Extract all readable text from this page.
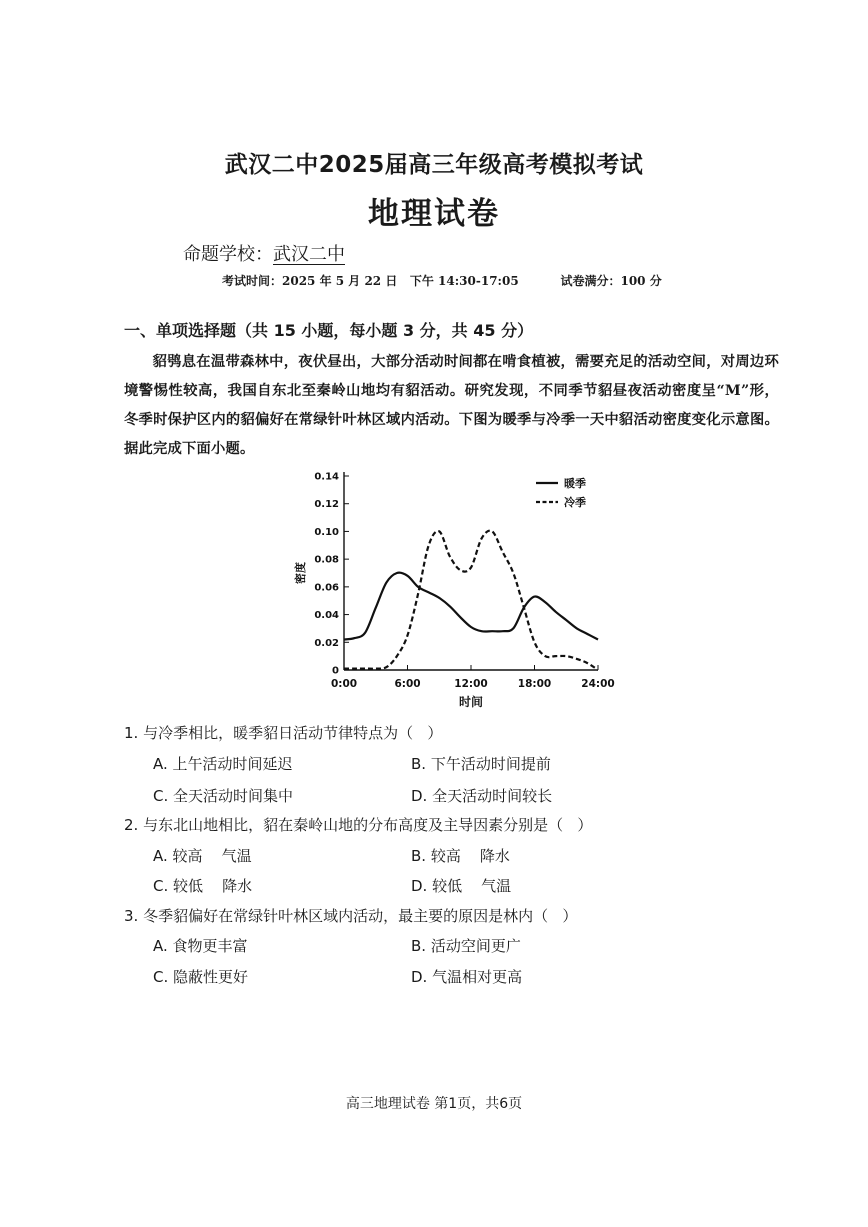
武汉二中2025届高三年级高考模拟考试
地理试卷
命题学校：武汉二中
考试时间：2025 年 5 月 22 日   下午 14:30-17:05	试卷满分：100 分
一、单项选择题（共 15 小题，每小题 3 分，共 45 分）
貂鸮息在温带森林中，夜伏昼出，大部分活动时间都在啃食植被，需要充足的活动空间，对周边环境警惕性较高，我国自东北至秦岭山地均有貂活动。研究发现，不同季节貂昼夜活动密度呈“M”形，冬季时保护区内的貂偏好在常绿针叶林区域内活动。下图为暖季与冷季一天中貂活动密度变化示意图。据此完成下面小题。
0
0.02
0.04
0.06
0.08
0.10
0.12
0.14
0:00	6:00	12:00	18:00	24:00
时间
密度
暖季
冷季
1. 与冷季相比，暖季貂日活动节律特点为（   ）
A. 上午活动时间延迟	B. 下午活动时间提前
C. 全天活动时间集中	D. 全天活动时间较长
2. 与东北山地相比，貂在秦岭山地的分布高度及主导因素分别是（   ）
A. 较高    气温	B. 较高    降水
C. 较低    降水	D. 较低    气温
3. 冬季貂偏好在常绿针叶林区域内活动，最主要的原因是林内（   ）
A. 食物更丰富	B. 活动空间更广
C. 隐蔽性更好	D. 气温相对更高
高三地理试卷 第1页，共6页
